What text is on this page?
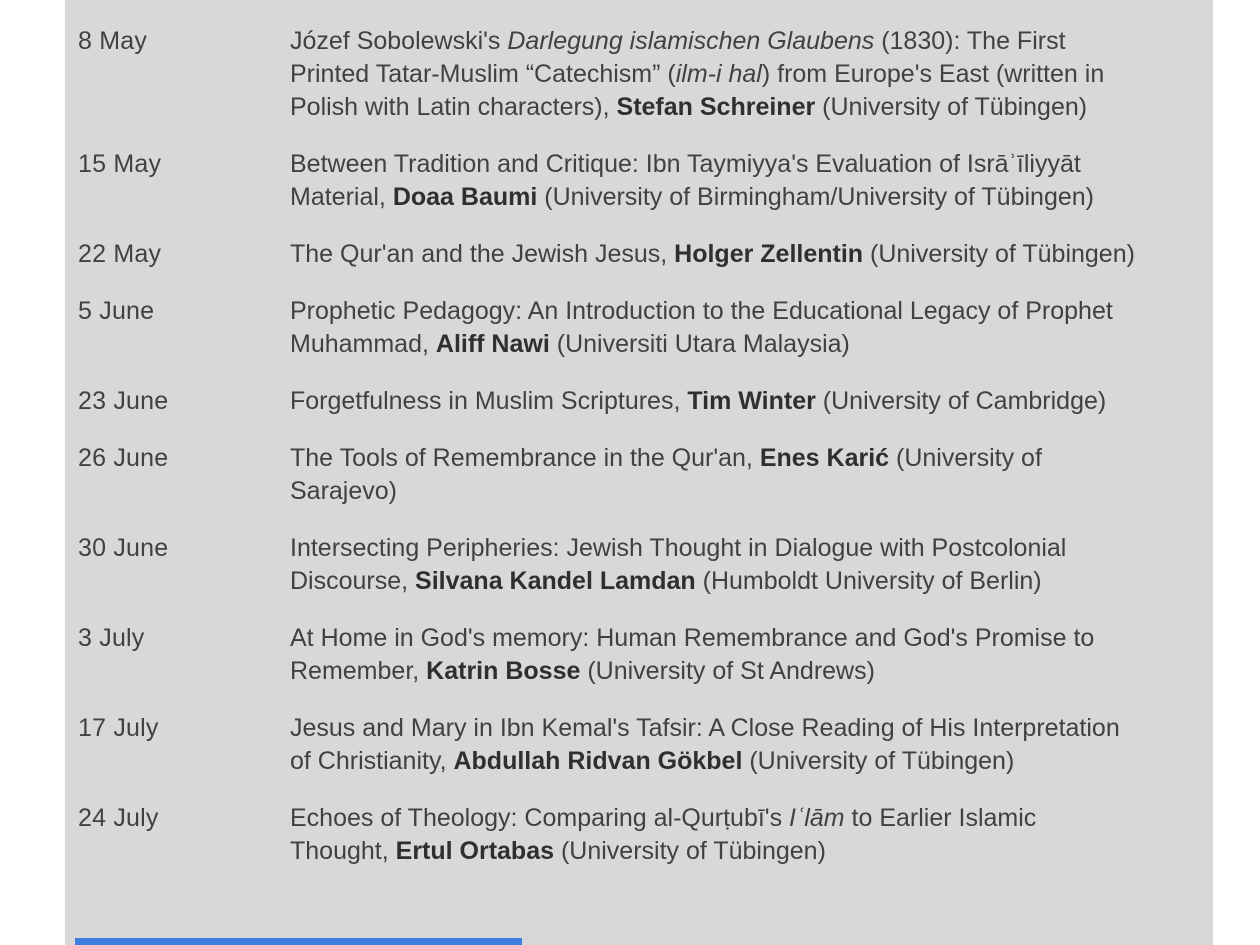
8 May	Józef Sobolewski's Darlegung islamischen Glaubens (1830): The First
Printed Tatar-Muslim “Catechism” (ilm-i hal) from Europe's East (written in
Polish with Latin characters), Stefan Schreiner (University of Tübingen)
15 May	Between Tradition and Critique: Ibn Taymiyya's Evaluation of Isrāʾīliyyāt
Material, Doaa Baumi (University of Birmingham/University of Tübingen)
22 May	The Qur'an and the Jewish Jesus, Holger Zellentin (University of Tübingen)
5 June	Prophetic Pedagogy: An Introduction to the Educational Legacy of Prophet
Muhammad, Aliff Nawi (Universiti Utara Malaysia)
23 June	Forgetfulness in Muslim Scriptures, Tim Winter (University of Cambridge)
26 June	The Tools of Remembrance in the Qur'an, Enes Karić (University of
Sarajevo)
30 June	Intersecting Peripheries: Jewish Thought in Dialogue with Postcolonial
Discourse, Silvana Kandel Lamdan (Humboldt University of Berlin)
3 July	At Home in God's memory: Human Remembrance and God's Promise to
Remember, Katrin Bosse (University of St Andrews)
17 July	Jesus and Mary in Ibn Kemal's Tafsir: A Close Reading of His Interpretation
of Christianity, Abdullah Ridvan Gökbel (University of Tübingen)
24 July	Echoes of Theology: Comparing al-Qurṭubī's Iʿlām to Earlier Islamic
Thought, Ertul Ortabas (University of Tübingen)
